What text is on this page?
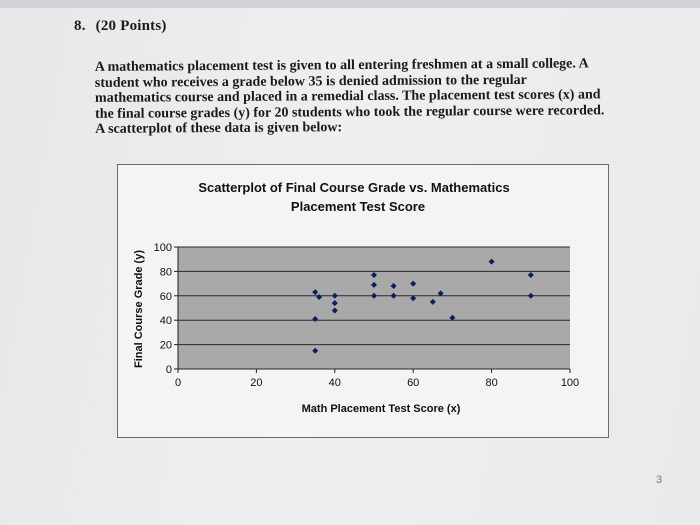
8. (20 Points)

A mathematics placement test is given to all entering freshmen at a small college. A
student who receives a grade below 35 is denied admission to the regular
mathematics course and placed in a remedial class. The placement test scores (x) and
the final course grades (y) for 20 students who took the regular course were recorded.
A scatterplot of these data is given below:

Scatterplot of Final Course Grade vs. Mathematics
Placement Test Score
Final Course Grade (y)
Math Placement Test Score (x)
0
20
40
60
80
100
0	20	40	60	80	100
3
